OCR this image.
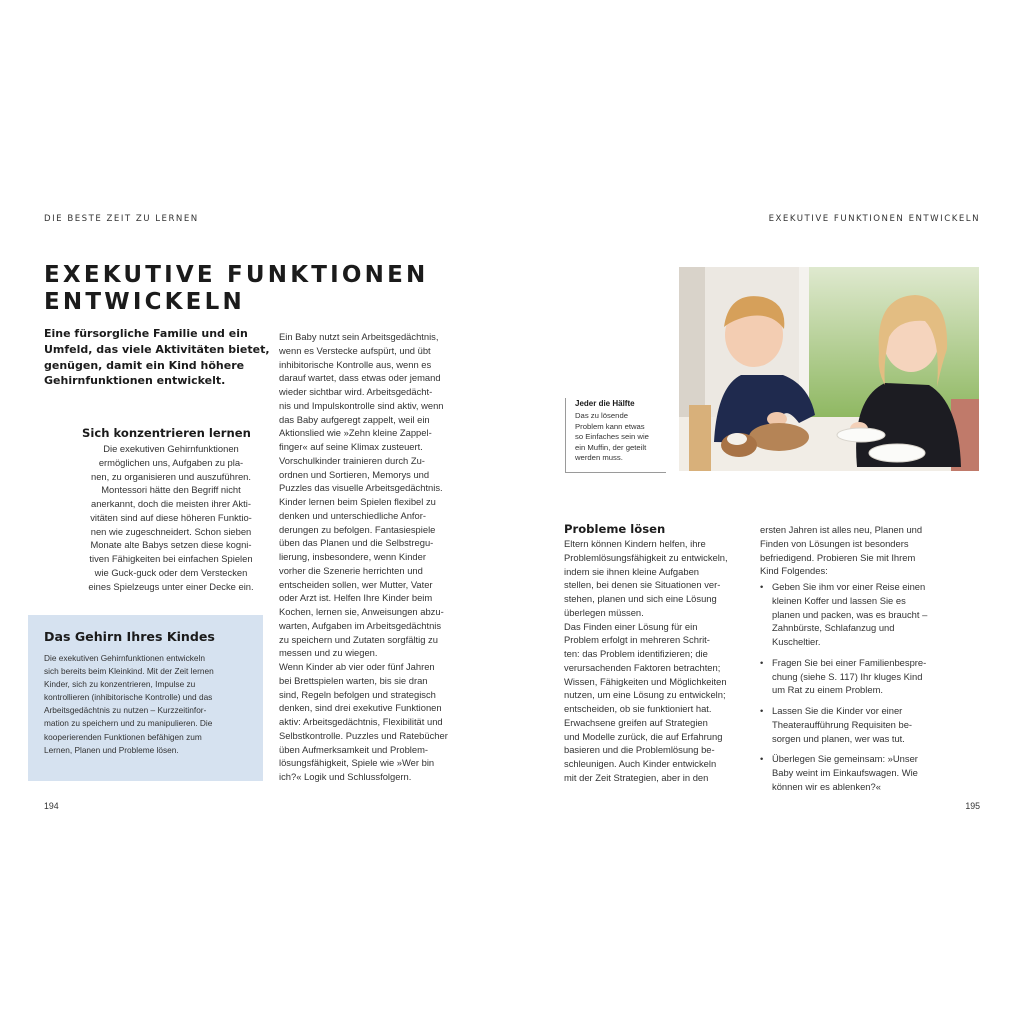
DIE BESTE ZEIT ZU LERNEN	EXEKUTIVE FUNKTIONEN ENTWICKELN
EXEKUTIVE FUNKTIONEN
ENTWICKELN

Eine fürsorgliche Familie und ein
Umfeld, das viele Aktivitäten bietet,
genügen, damit ein Kind höhere
Gehirnfunktionen entwickelt.

Sich konzentrieren lernen

Die exekutiven Gehirnfunktionen
ermöglichen uns, Aufgaben zu pla-
nen, zu organisieren und auszuführen.
Montessori hätte den Begriff nicht
anerkannt, doch die meisten ihrer Akti-
vitäten sind auf diese höheren Funktio-
nen wie zugeschneidert. Schon sieben
Monate alte Babys setzen diese kogni-
tiven Fähigkeiten bei einfachen Spielen
wie Guck-guck oder dem Verstecken
eines Spielzeugs unter einer Decke ein.

Das Gehirn Ihres Kindes

Die exekutiven Gehirnfunktionen entwickeln
sich bereits beim Kleinkind. Mit der Zeit lernen
Kinder, sich zu konzentrieren, Impulse zu
kontrollieren (inhibitorische Kontrolle) und das
Arbeitsgedächtnis zu nutzen – Kurzzeitinfor-
mation zu speichern und zu manipulieren. Die
kooperierenden Funktionen befähigen zum
Lernen, Planen und Probleme lösen.

Ein Baby nutzt sein Arbeitsgedächtnis,
wenn es Verstecke aufspürt, und übt
inhibitorische Kontrolle aus, wenn es
darauf wartet, dass etwas oder jemand
wieder sichtbar wird. Arbeitsgedächt-
nis und Impulskontrolle sind aktiv, wenn
das Baby aufgeregt zappelt, weil ein
Aktionslied wie »Zehn kleine Zappel-
finger« auf seine Klimax zusteuert.
Vorschulkinder trainieren durch Zu-
ordnen und Sortieren, Memorys und
Puzzles das visuelle Arbeitsgedächtnis.
Kinder lernen beim Spielen flexibel zu
denken und unterschiedliche Anfor-
derungen zu befolgen. Fantasiespiele
üben das Planen und die Selbstregu-
lierung, insbesondere, wenn Kinder
vorher die Szenerie herrichten und
entscheiden sollen, wer Mutter, Vater
oder Arzt ist. Helfen Ihre Kinder beim
Kochen, lernen sie, Anweisungen abzu-
warten, Aufgaben im Arbeitsgedächtnis
zu speichern und Zutaten sorgfältig zu
messen und zu wiegen.
Wenn Kinder ab vier oder fünf Jahren
bei Brettspielen warten, bis sie dran
sind, Regeln befolgen und strategisch
denken, sind drei exekutive Funktionen
aktiv: Arbeitsgedächtnis, Flexibilität und
Selbstkontrolle. Puzzles und Ratebücher
üben Aufmerksamkeit und Problem-
lösungsfähigkeit, Spiele wie »Wer bin
ich?« Logik und Schlussfolgern.

Jeder die Hälfte

Das zu lösende
Problem kann etwas
so Einfaches sein wie
ein Muffin, der geteilt
werden muss.

Probleme lösen

Eltern können Kindern helfen, ihre
Problemlösungsfähigkeit zu entwickeln,
indem sie ihnen kleine Aufgaben
stellen, bei denen sie Situationen ver-
stehen, planen und sich eine Lösung
überlegen müssen.
Das Finden einer Lösung für ein
Problem erfolgt in mehreren Schrit-
ten: das Problem identifizieren; die
verursachenden Faktoren betrachten;
Wissen, Fähigkeiten und Möglichkeiten
nutzen, um eine Lösung zu entwickeln;
entscheiden, ob sie funktioniert hat.
Erwachsene greifen auf Strategien
und Modelle zurück, die auf Erfahrung
basieren und die Problemlösung be-
schleunigen. Auch Kinder entwickeln
mit der Zeit Strategien, aber in den

ersten Jahren ist alles neu, Planen und
Finden von Lösungen ist besonders
befriedigend. Probieren Sie mit Ihrem
Kind Folgendes:

• Geben Sie ihm vor einer Reise einen
kleinen Koffer und lassen Sie es
planen und packen, was es braucht –
Zahnbürste, Schlafanzug und
Kuscheltier.
• Fragen Sie bei einer Familienbespre-
chung (siehe S. 117) Ihr kluges Kind
um Rat zu einem Problem.
• Lassen Sie die Kinder vor einer
Theateraufführung Requisiten be-
sorgen und planen, wer was tut.
• Überlegen Sie gemeinsam: »Unser
Baby weint im Einkaufswagen. Wie
können wir es ablenken?«
194	195
